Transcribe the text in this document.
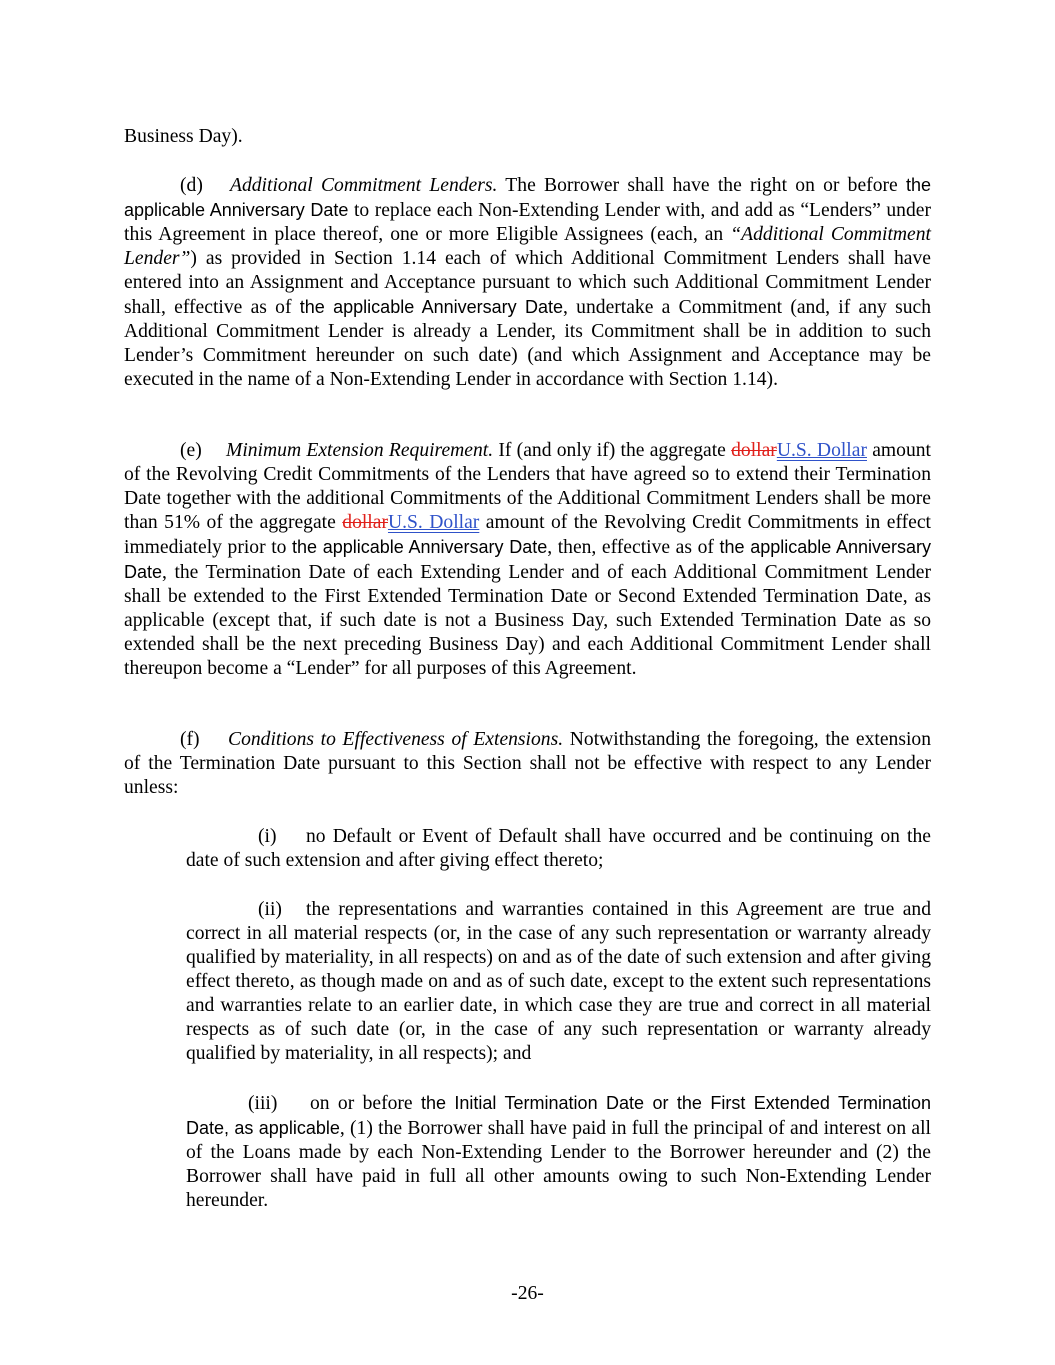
Business Day).

(d) Additional Commitment Lenders. The Borrower shall have the right on or before the applicable Anniversary Date to replace each Non-Extending Lender with, and add as “Lenders” under this Agreement in place thereof, one or more Eligible Assignees (each, an “Additional Commitment Lender”) as provided in Section 1.14 each of which Additional Commitment Lenders shall have entered into an Assignment and Acceptance pursuant to which such Additional Commitment Lender shall, effective as of the applicable Anniversary Date, undertake a Commitment (and, if any such Additional Commitment Lender is already a Lender, its Commitment shall be in addition to such Lender’s Commitment hereunder on such date) (and which Assignment and Acceptance may be executed in the name of a Non-Extending Lender in accordance with Section 1.14).

(e) Minimum Extension Requirement. If (and only if) the aggregate dollarU.S. Dollar amount of the Revolving Credit Commitments of the Lenders that have agreed so to extend their Termination Date together with the additional Commitments of the Additional Commitment Lenders shall be more than 51% of the aggregate dollarU.S. Dollar amount of the Revolving Credit Commitments in effect immediately prior to the applicable Anniversary Date, then, effective as of the applicable Anniversary Date, the Termination Date of each Extending Lender and of each Additional Commitment Lender shall be extended to the First Extended Termination Date or Second Extended Termination Date, as applicable (except that, if such date is not a Business Day, such Extended Termination Date as so extended shall be the next preceding Business Day) and each Additional Commitment Lender shall thereupon become a “Lender” for all purposes of this Agreement.

(f) Conditions to Effectiveness of Extensions. Notwithstanding the foregoing, the extension of the Termination Date pursuant to this Section shall not be effective with respect to any Lender unless:

(i) no Default or Event of Default shall have occurred and be continuing on the date of such extension and after giving effect thereto;

(ii) the representations and warranties contained in this Agreement are true and correct in all material respects (or, in the case of any such representation or warranty already qualified by materiality, in all respects) on and as of the date of such extension and after giving effect thereto, as though made on and as of such date, except to the extent such representations and warranties relate to an earlier date, in which case they are true and correct in all material respects as of such date (or, in the case of any such representation or warranty already qualified by materiality, in all respects); and

(iii) on or before the Initial Termination Date or the First Extended Termination Date, as applicable, (1) the Borrower shall have paid in full the principal of and interest on all of the Loans made by each Non-Extending Lender to the Borrower hereunder and (2) the Borrower shall have paid in full all other amounts owing to such Non-Extending Lender hereunder.

-26-
